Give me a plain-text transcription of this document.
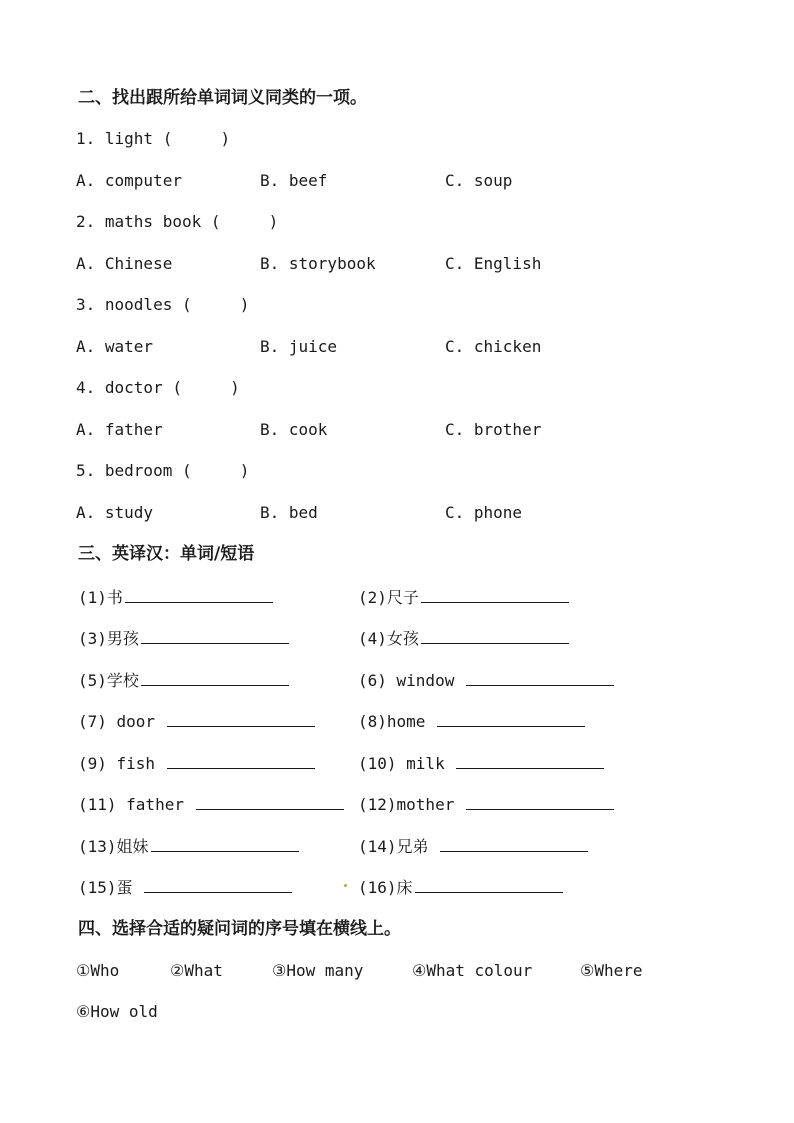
二、找出跟所给单词词义同类的一项。
1. light (     )
A. computer	B. beef	C. soup
2. maths book (     )
A. Chinese	B. storybook	C. English
3. noodles (     )
A. water	B. juice	C. chicken
4. doctor (     )
A. father	B. cook	C. brother
5. bedroom (     )
A. study	B. bed	C. phone
三、英译汉：单词/短语
(1)书	(2)尺子
(3)男孩	(4)女孩
(5)学校	(6) window
(7) door	(8)home
(9) fish	(10) milk
(11) father	(12)mother
(13)姐妹	(14)兄弟
(15)蛋	(16)床
四、选择合适的疑问词的序号填在横线上。
①Who	②What	③How many	④What colour	⑤Where
⑥How old
